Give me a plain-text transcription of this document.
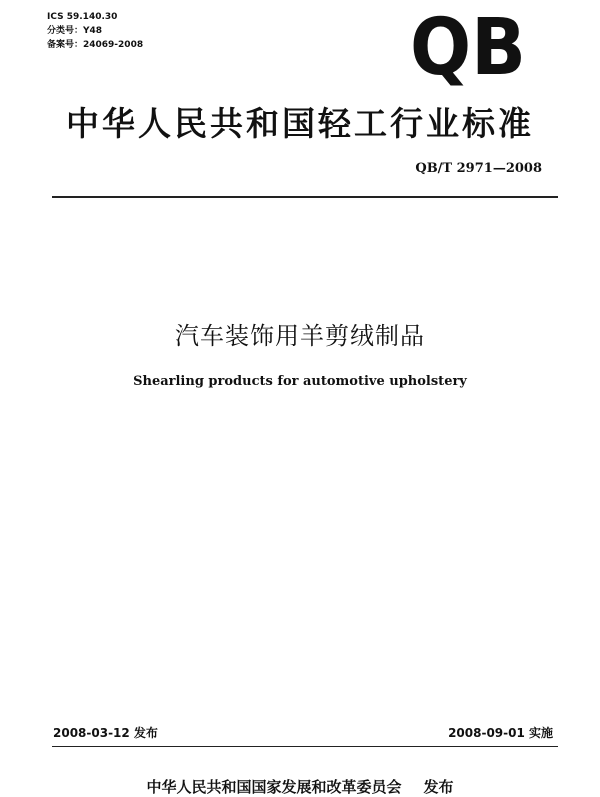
ICS 59.140.30
分类号：Y48
备案号：24069-2008	QB
中华人民共和国轻工行业标准
QB/T 2971—2008
汽车装饰用羊剪绒制品
Shearling products for automotive upholstery
2008-03-12 发布	2008-09-01 实施
中华人民共和国国家发展和改革委员会 发布
